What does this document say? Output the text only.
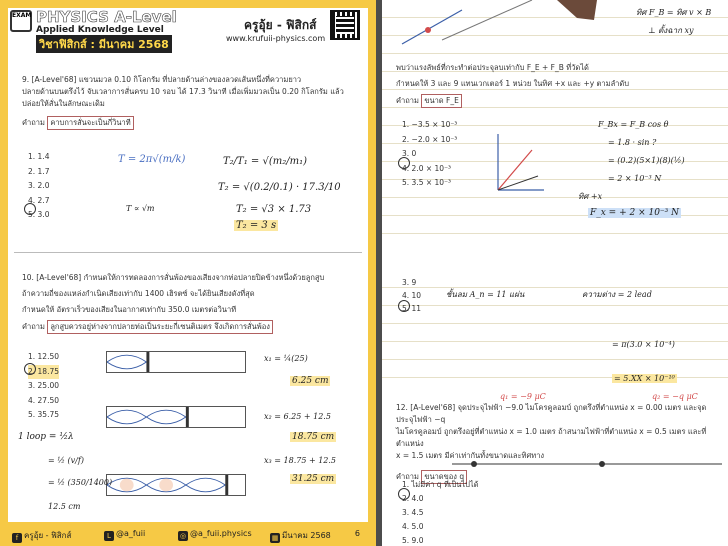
EXAM PHYSICS A-Level
Applied Knowledge Level
วิชาฟิสิกส์ : มีนาคม 2568
ครูอุ้ย - ฟิสิกส์
www.krufuii-physics.com
9. [A-Level'68] แขวนมวล 0.10 กิโลกรัม ที่ปลายด้านล่างของลวดเส้นหนึ่งที่ความยาว
ปลายด้านบนตรึงไว้ จับเวลาการสั่นครบ 10 รอบ ได้ 17.3 วินาที เมื่อเพิ่มมวลเป็น 0.20 กิโลกรัม แล้ว
ปล่อยให้สั่นในลักษณะเดิม
คำถาม คาบการสั่นจะเป็นกี่วินาที
1. 1.4
2. 1.7
3. 2.0
4. 2.7
5. 3.0
T = 2π√(m/k)
T ∝ √m
T₂/T₁ = √(m₂/m₁)
T₂ = √(0.2/0.1) · 17.3/10
T₂ = √3 × 1.73
T₂ = 3 s
10. [A-Level'68] กำหนดให้การทดลองการสั่นพ้องของเสียงจากท่อปลายปิดข้างหนึ่งด้วยลูกสูบ
ถ้าความถี่ของแหล่งกำเนิดเสียงเท่ากับ 1400 เฮิรตซ์ จะได้ยินเสียงดังที่สุด
กำหนดให้ อัตราเร็วของเสียงในอากาศเท่ากับ 350.0 เมตรต่อวินาที
คำถาม ลูกสูบควรอยู่ห่างจากปลายท่อเป็นระยะกี่เซนติเมตร จึงเกิดการสั่นพ้อง
1. 12.50
2. 18.75
3. 25.00
4. 27.50
5. 35.75
x₁ = ¼(25)
6.25 cm
x₂ = 6.25 + 12.5
18.75 cm
x₃ = 18.75 + 12.5
31.25 cm
1 loop = ½λ
= ½ (v/f)
= ½ (350/1400)
12.5 cm
f ครูอุ้ย - ฟิสิกส์	L @a_fuii	◎ @a_fuii.physics	▦ มีนาคม 2568	6
ทิศ F_B = ทิศ v × B
⊥ ตั้งฉาก xy
พบว่าแรงลัพธ์ที่กระทำต่อประจุลบเท่ากับ F_E + F_B ที่วัดได้
กำหนดให้ 3 และ 9 แทนเวกเตอร์ 1 หน่วย ในทิศ +x และ +y ตามลำดับ
คำถาม ขนาด F_E
1. −3.5 × 10⁻³
2. −2.0 × 10⁻³
3. 0
4. 2.0 × 10⁻³
5. 3.5 × 10⁻³
F_Bx = F_B cos θ
= 1.8 · sin ?
= (0.2)(5×1)(8)(½)
= 2 × 10⁻³ N
ทิศ +x
F_x = + 2 × 10⁻³ N
3. 9
4. 10
5. 11
ชั้นลม A_n = 11 แผ่น	ความต่าง = 2 lead
= π(3.0 × 10⁻⁴)
= 5.XX × 10⁻¹⁰
q₁ = −9 μC	q₂ = −q μC
12. [A-Level'68] จุดประจุไฟฟ้า −9.0 ไมโครคูลอมบ์ ถูกตรึงที่ตำแหน่ง x = 0.00 เมตร และจุดประจุไฟฟ้า −q
ไมโครคูลอมบ์ ถูกตรึงอยู่ที่ตำแหน่ง x = 1.0 เมตร ถ้าสนามไฟฟ้าที่ตำแหน่ง x = 0.5 เมตร และที่ตำแหน่ง
x = 1.5 เมตร มีค่าเท่ากันทั้งขนาดและทิศทาง
คำถาม ขนาดของ q
1. ไม่มีค่า q ที่เป็นไปได้
2. 4.0
3. 4.5
4. 5.0
5. 9.0
